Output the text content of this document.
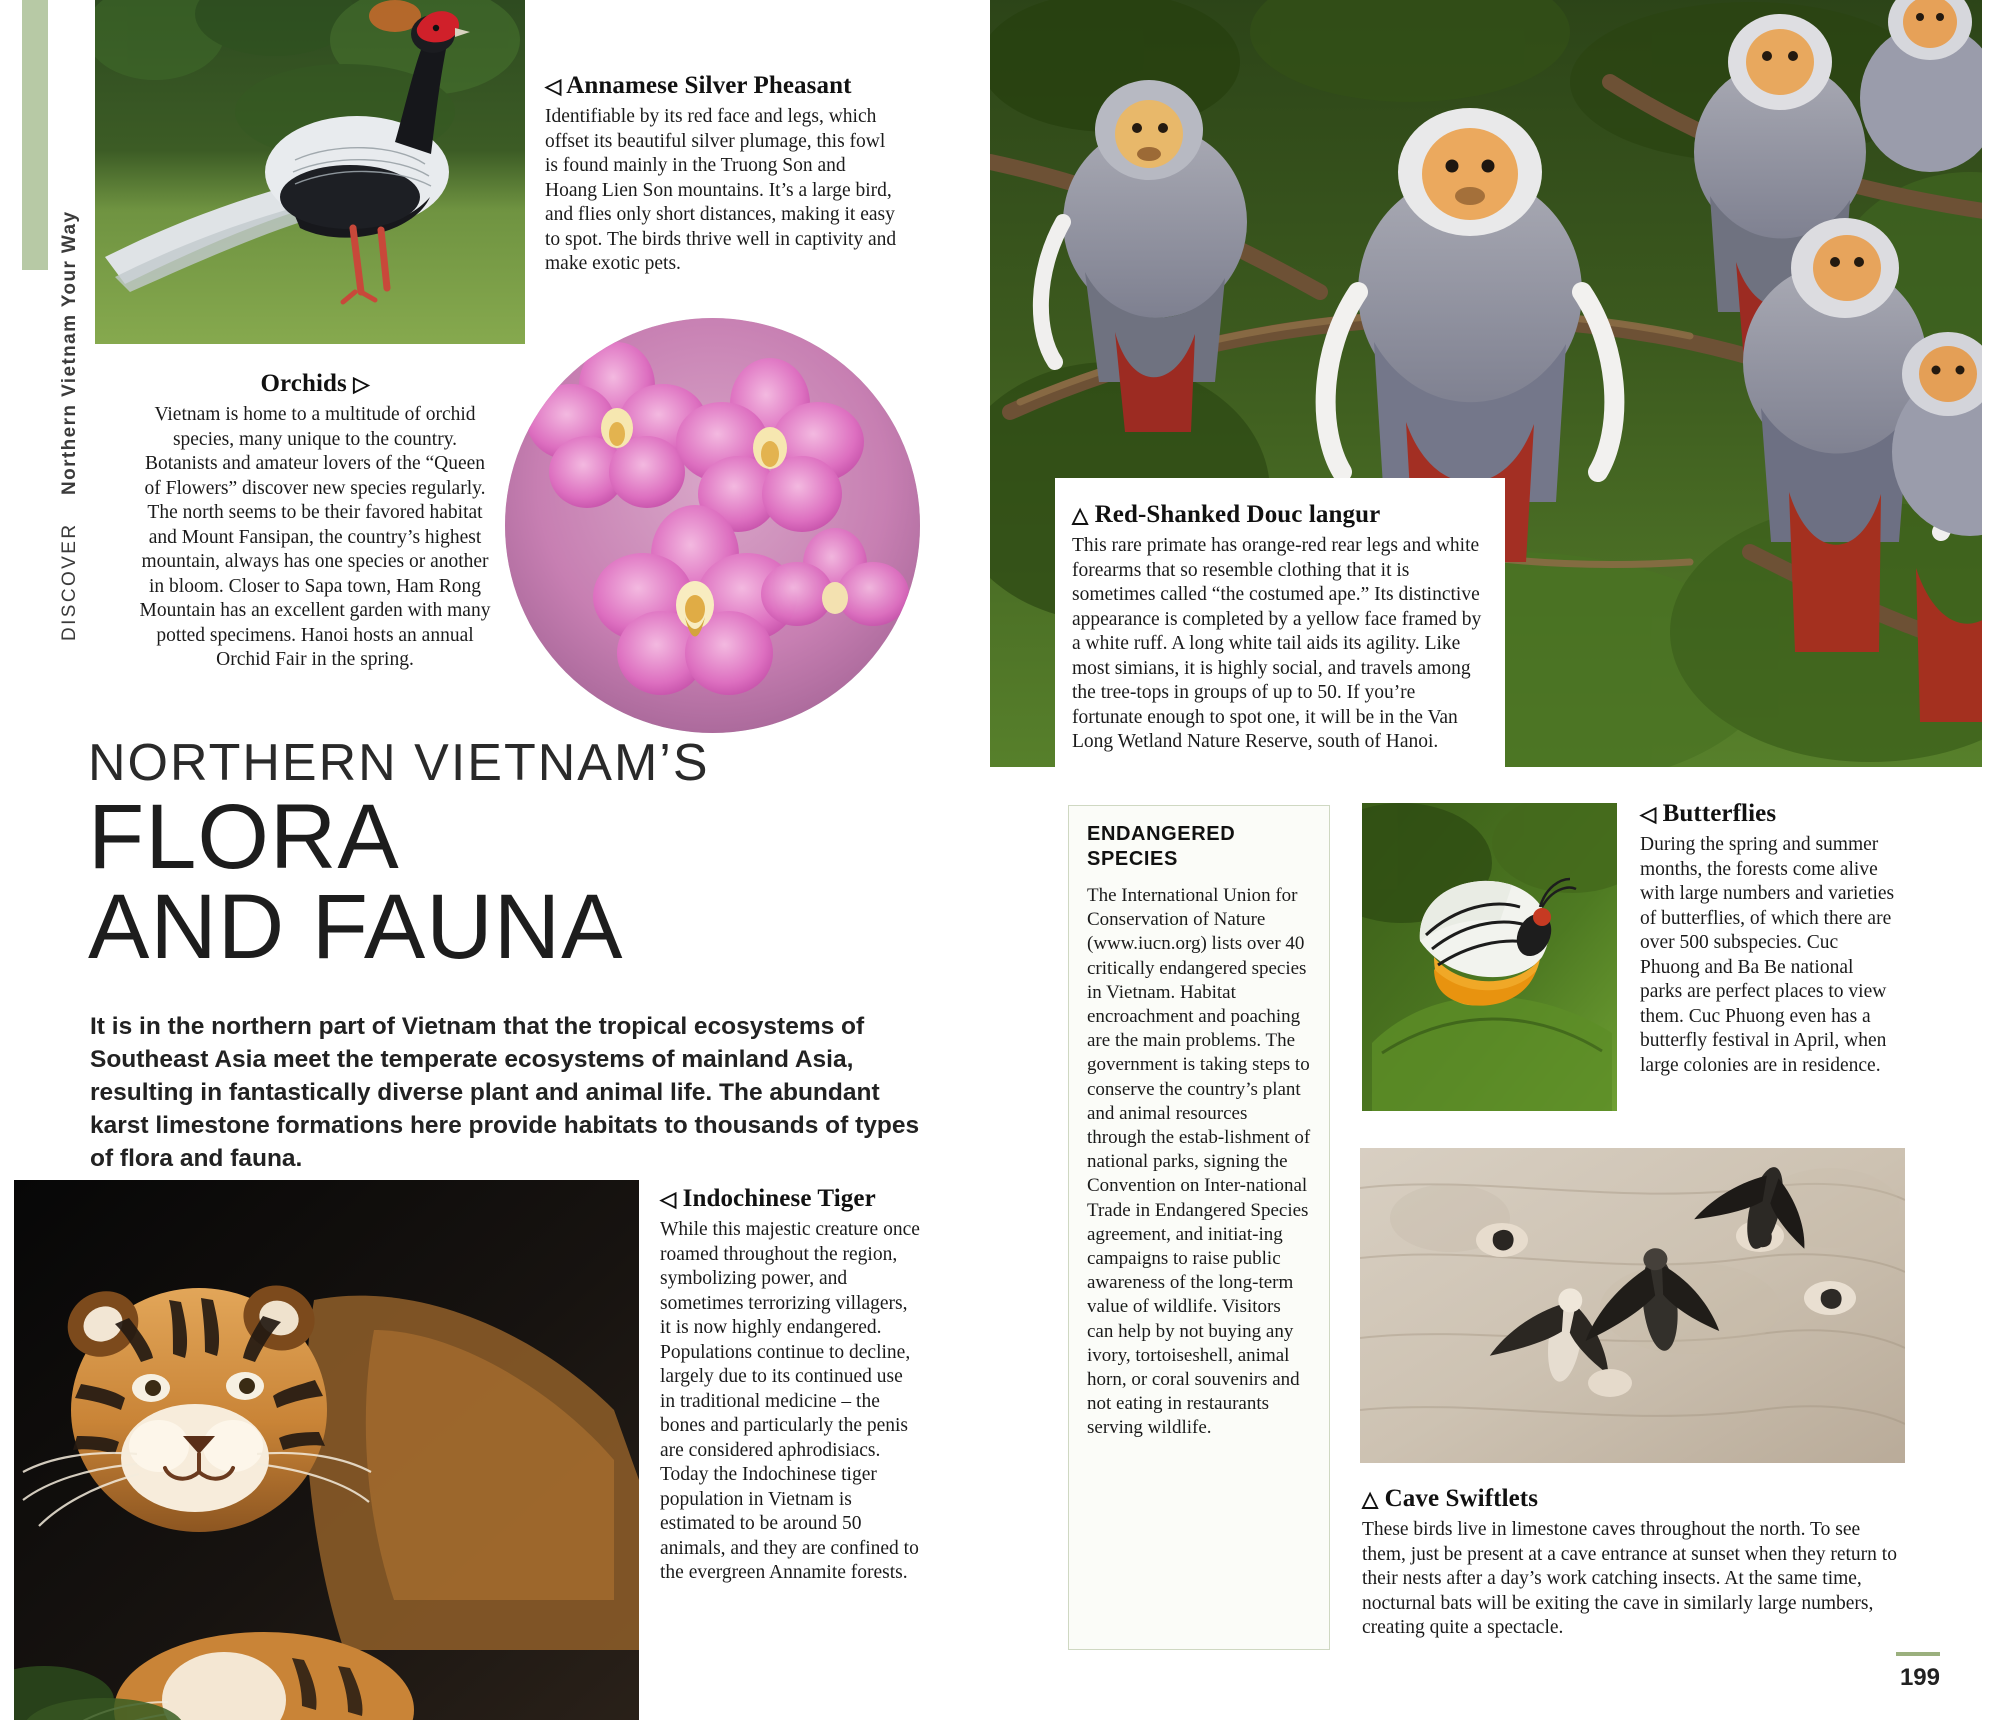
DISCOVER    Northern Vietnam Your Way
◁ Annamese Silver Pheasant

Identifiable by its red face and legs, which offset its beautiful silver plumage, this fowl is found mainly in the Truong Son and Hoang Lien Son mountains. It’s a large bird, and flies only short distances, making it easy to spot. The birds thrive well in captivity and make exotic pets.

Orchids ▷

Vietnam is home to a multitude of orchid species, many unique to the country. Botanists and amateur lovers of the “Queen of Flowers” discover new species regularly. The north seems to be their favored habitat and Mount Fansipan, the country’s highest mountain, always has one species or another in bloom. Closer to Sapa town, Ham Rong Mountain has an excellent garden with many potted specimens. Hanoi hosts an annual Orchid Fair in the spring.

NORTHERN VIETNAM’S
FLORA
AND FAUNA
It is in the northern part of Vietnam that the tropical ecosystems of Southeast Asia meet the temperate ecosystems of mainland Asia, resulting in fantastically diverse plant and animal life. The abundant karst limestone formations here provide habitats to thousands of types of flora and fauna.
◁ Indochinese Tiger

While this majestic creature once roamed throughout the region, symbolizing power, and sometimes terrorizing villagers, it is now highly endangered. Populations continue to decline, largely due to its continued use in traditional medicine – the bones and particularly the penis are considered aphrodisiacs. Today the Indochinese tiger population in Vietnam is estimated to be around 50 animals, and they are confined to the evergreen Annamite forests.

△ Red-Shanked Douc langur

This rare primate has orange-red rear legs and white forearms that so resemble clothing that it is sometimes called “the costumed ape.” Its distinctive appearance is completed by a yellow face framed by a white ruff. A long white tail aids its agility. Like most simians, it is highly social, and travels among the tree-tops in groups of up to 50. If you’re fortunate enough to spot one, it will be in the Van Long Wetland Nature Reserve, south of Hanoi.

ENDANGERED
SPECIES

The International Union for Conservation of Nature (www.iucn.org) lists over 40 critically endangered species in Vietnam. Habitat encroachment and poaching are the main problems. The government is taking steps to conserve the country’s plant and animal resources through the estab-lishment of national parks, signing the Convention on Inter-national Trade in Endangered Species agreement, and initiat-ing campaigns to raise public awareness of the long-term value of wildlife. Visitors can help by not buying any ivory, tortoiseshell, animal horn, or coral souvenirs and not eating in restaurants serving wildlife.

◁ Butterflies

During the spring and summer months, the forests come alive with large numbers and varieties of butterflies, of which there are over 500 subspecies. Cuc Phuong and Ba Be national parks are perfect places to view them. Cuc Phuong even has a butterfly festival in April, when large colonies are in residence.

△ Cave Swiftlets

These birds live in limestone caves throughout the north. To see them, just be present at a cave entrance at sunset when they return to their nests after a day’s work catching insects. At the same time, nocturnal bats will be exiting the cave in similarly large numbers, creating quite a spectacle.

199
